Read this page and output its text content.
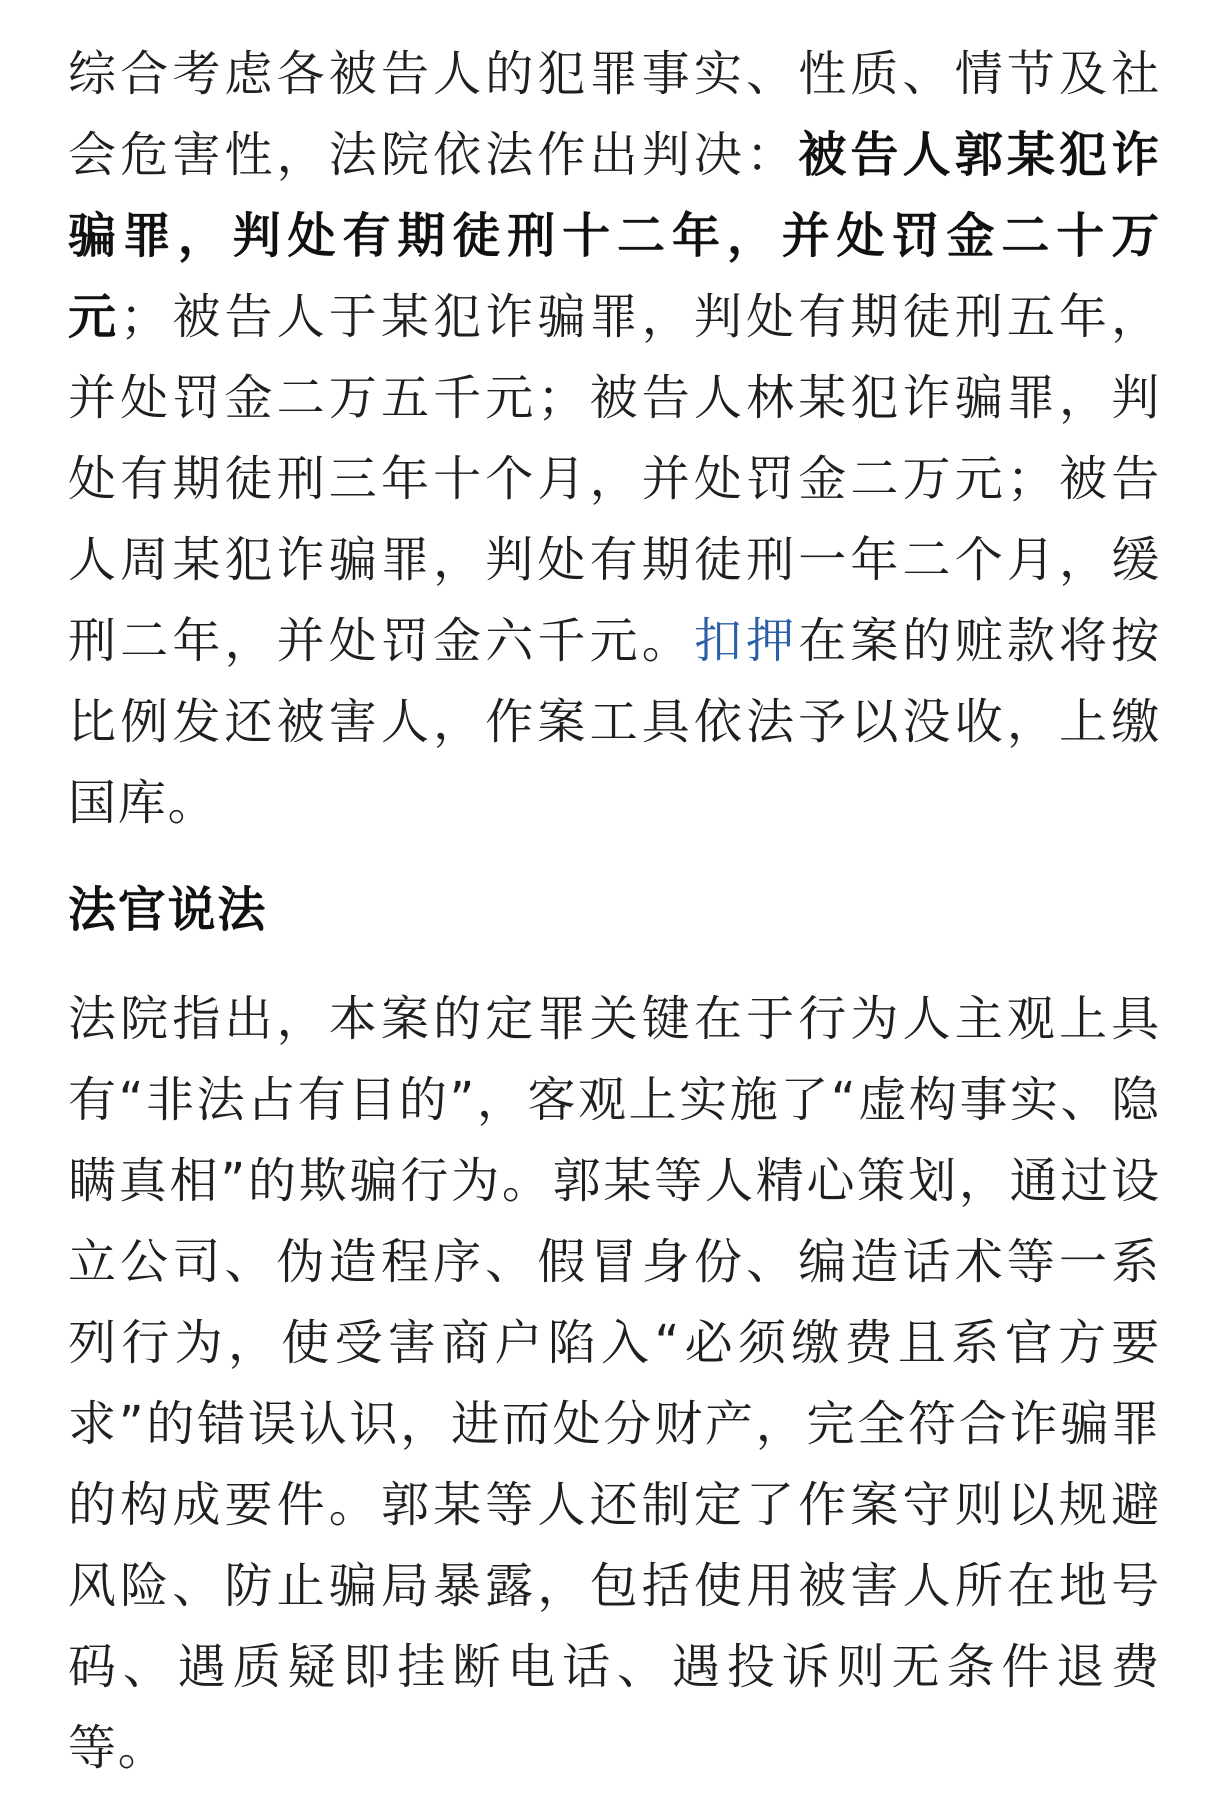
综合考虑各被告人的犯罪事实、性质、情节及社会危害性，法院依法作出判决：被告人郭某犯诈骗罪，判处有期徒刑十二年，并处罚金二十万元；被告人于某犯诈骗罪，判处有期徒刑五年，并处罚金二万五千元；被告人林某犯诈骗罪，判处有期徒刑三年十个月，并处罚金二万元；被告人周某犯诈骗罪，判处有期徒刑一年二个月，缓刑二年，并处罚金六千元。扣押在案的赃款将按比例发还被害人，作案工具依法予以没收，上缴国库。

法官说法

法院指出，本案的定罪关键在于行为人主观上具有“非法占有目的”，客观上实施了“虚构事实、隐瞒真相”的欺骗行为。郭某等人精心策划，通过设立公司、伪造程序、假冒身份、编造话术等一系列行为，使受害商户陷入“必须缴费且系官方要求”的错误认识，进而处分财产，完全符合诈骗罪的构成要件。郭某等人还制定了作案守则以规避风险、防止骗局暴露，包括使用被害人所在地号码、遇质疑即挂断电话、遇投诉则无条件退费等。
